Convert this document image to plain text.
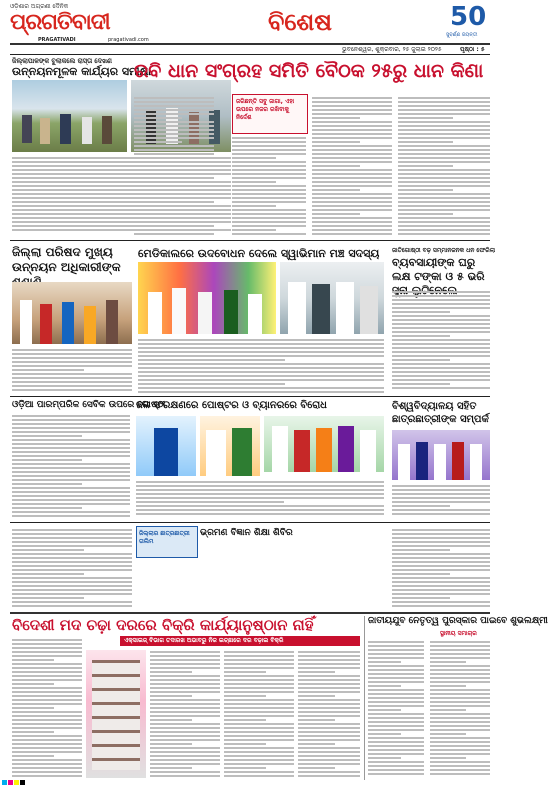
ଓଡ଼ିଶାର ଅଗ୍ରଣୀ ଦୈନିକ
ପ୍ରଗତିବାଦୀ
PRAGATIVADI	pragativadi.com
ବିଶେଷ	50
ସୁବର୍ଣ୍ଣ ଜୟନ୍ତୀ
ଭୁବନେଶ୍ୱର, ଶୁକ୍ରବାର, ୨୫ ଜୁଲାଇ ୨୦୨୫	ପୃଷ୍ଠା : ୫
ଜିଲ୍ଲାପାଳଙ୍କ ବୁଲାକଲେ ରାସ୍ତା ଦେଖଣ
ଉନ୍ନୟନମୂଳକ କାର୍ଯ୍ୟର ସମୀକ୍ଷା
ରବି ଧାନ ସଂଗ୍ରହ ସମିତି ବୈଠକ ୨୫ରୁ ଧାନ କିଣା
ଜଗିଛନ୍ତି ସବୁ ଜାଗା, ଏହା ଉପରେ ନଜର ରଖିବାକୁ ନିର୍ଦ୍ଦେଶ
ଜିଲ୍ଲା ପରିଷଦ ମୁଖ୍ୟ ଉନ୍ନୟନ ଅଧିକାରୀଙ୍କ
ମେଡିକାଲରେ ଉଦବୋଧନ ଦେଲେ ସ୍ୱାଭିମାନ ମଞ୍ଚ ସଦସ୍ୟ ଜାତିଗୋଷ୍ଠୀ ବଢ଼ ସମ୍ମାନଜନକ ଧନ ଫେରିଲା
ବ୍ୟବସାୟୀଙ୍କ ଘରୁ ଲକ୍ଷ ଟଙ୍କା ଓ ୫ ଭରି
ଓଡ଼ିଆ ପାରମ୍ପରିକ ସେବିକ ଉପରେ ଗୋଷ୍ଠୀ
ଜଳ ସଂରକ୍ଷଣରେ ପୋଷ୍ଟର ଓ ବ୍ୟାନରରେ ବିରୋଧ	ବିଶ୍ୱବିଦ୍ୟାଳୟ ସହିତ ଛାତ୍ରଛାତ୍ରୀଙ୍କ ସମ୍ପର୍କ
ଜିଲ୍ଲାର ଛାତ୍ରଛାତ୍ରୀ ତାଲିମ
ଭ୍ରମଣ ବିଜ୍ଞାନ ଶିକ୍ଷା ଶିବିର
ବିଦେଶୀ ମଦ ଚଢ଼ା ଦରରେ ବିକ୍ରି କାର୍ଯ୍ୟାନୁଷ୍ଠାନ ନାହିଁ
ଏକ୍ସାଇଜ୍ ବିଭାଗ ତଦାରଖ ଅଭାବରୁ ନିଜ ଇଚ୍ଛାରେ ଦର ବଢ଼ାଇ ବିକ୍ରି
ଜାତୀୟଯୁବ ନେତୃତ୍ୱ ପୁରସ୍କାର ପାଇବେ ଶୁଭଲକ୍ଷ୍ମୀ
ସ୍ଥାନୀୟ ସମାଚାର
